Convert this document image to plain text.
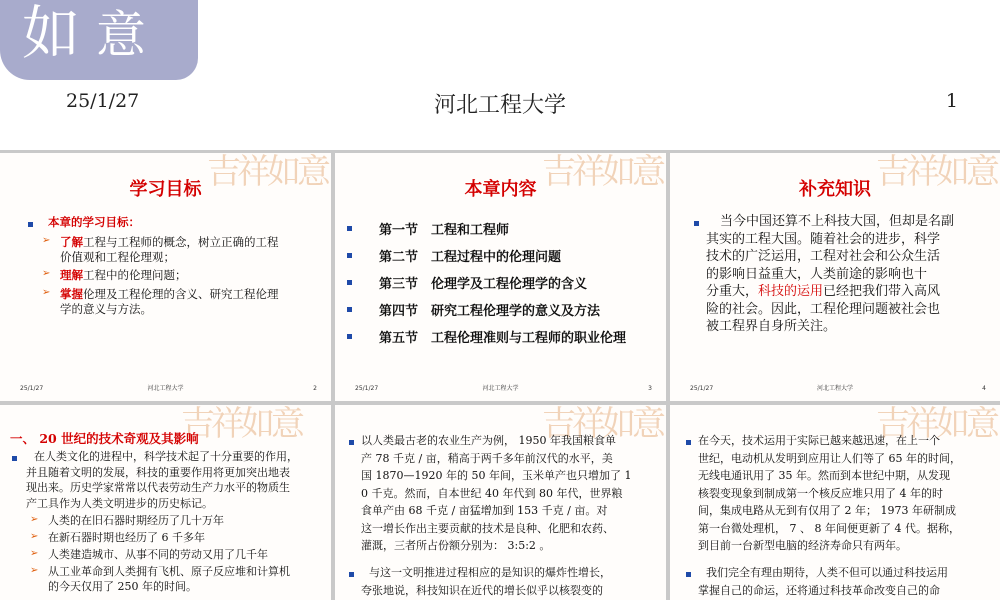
如 意
25/1/27	河北工程大学	1
吉祥如意
学习目标
本章的学习目标：
➢ 了解工程与工程师的概念，树立正确的工程
价值观和工程伦理观；
➢ 理解工程中的伦理问题；
➢ 掌握伦理及工程伦理的含义、研究工程伦理
学的意义与方法。
25/1/27	河北工程大学	2
吉祥如意
本章内容
第一节　工程和工程师
第二节　工程过程中的伦理问题
第三节　伦理学及工程伦理学的含义
第四节　研究工程伦理学的意义及方法
第五节　工程伦理准则与工程师的职业伦理
25/1/27	河北工程大学	3
吉祥如意
补充知识
当今中国还算不上科技大国，但却是名副
其实的工程大国。随着社会的进步，科学
技术的广泛运用，工程对社会和公众生活
的影响日益重大，人类前途的影响也十
分重大，科技的运用已经把我们带入高风
险的社会。因此，工程伦理问题被社会也
被工程界自身所关注。
25/1/27	河北工程大学	4
吉祥如意
一、 20 世纪的技术奇观及其影响
在人类文化的进程中，科学技术起了十分重要的作用，
并且随着文明的发展，科技的重要作用将更加突出地表
现出来。历史学家常常以代表劳动生产力水平的物质生
产工具作为人类文明进步的历史标记。
➢ 人类的在旧石器时期经历了几十万年
➢ 在新石器时期也经历了 6 千多年
➢ 人类建造城市、从事不同的劳动又用了几千年
➢ 从工业革命到人类拥有飞机、原子反应堆和计算机
的今天仅用了 250 年的时间。
吉祥如意
以人类最古老的农业生产为例， 1950 年我国粮食单
产 78 千克 / 亩，稍高于两千多年前汉代的水平，美
国 1870—1920 年的 50 年间，玉米单产也只增加了 1
0 千克。然而，自本世纪 40 年代到 80 年代，世界粮
食单产由 68 千克 / 亩猛增加到 153 千克 / 亩。对
这一增长作出主要贡献的技术是良种、化肥和农药、
灌溉，三者所占份额分别为： 3:5:2 。
与这一文明推进过程相应的是知识的爆炸性增长，
夸张地说，科技知识在近代的增长似乎以核裂变的
吉祥如意
在今天，技术运用于实际已越来越迅速，在上一个
世纪，电动机从发明到应用让人们等了 65 年的时间，
无线电通讯用了 35 年。然而到本世纪中期，从发现
核裂变现象到制成第一个核反应堆只用了 4 年的时
间，集成电路从无到有仅用了 2 年； 1973 年研制成
第一台微处理机， 7 、 8 年间便更新了 4 代。据称，
到目前一台新型电脑的经济寿命只有两年。
我们完全有理由期待，人类不但可以通过科技运用
掌握自己的命运，还将通过科技革命改变自己的命
